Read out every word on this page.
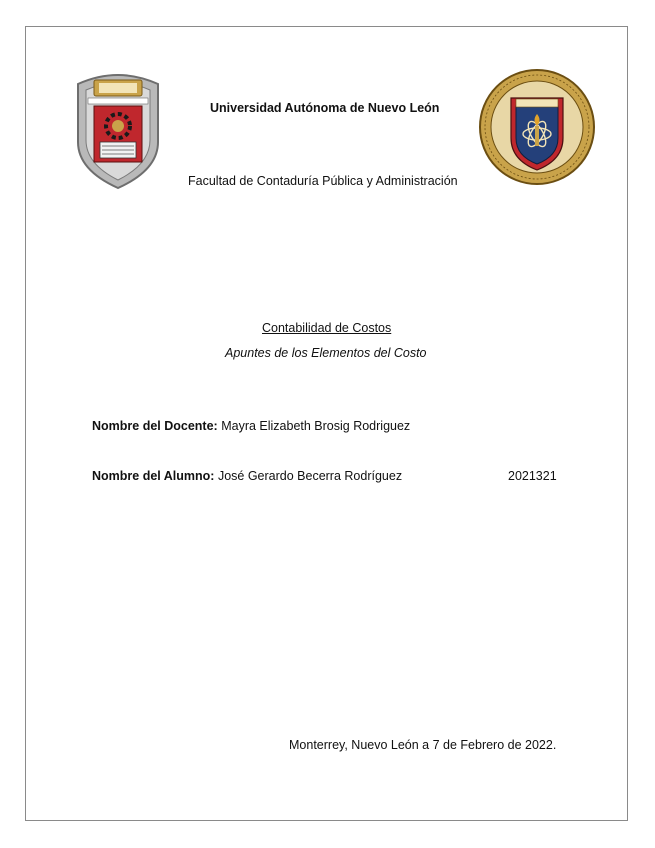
Universidad Autónoma de Nuevo León
Facultad de Contaduría Pública y Administración
Contabilidad de Costos
Apuntes de los Elementos del Costo
Nombre del Docente: Mayra Elizabeth Brosig Rodriguez
Nombre del Alumno: José Gerardo Becerra Rodríguez	2021321
Monterrey, Nuevo León a 7 de Febrero de 2022.
